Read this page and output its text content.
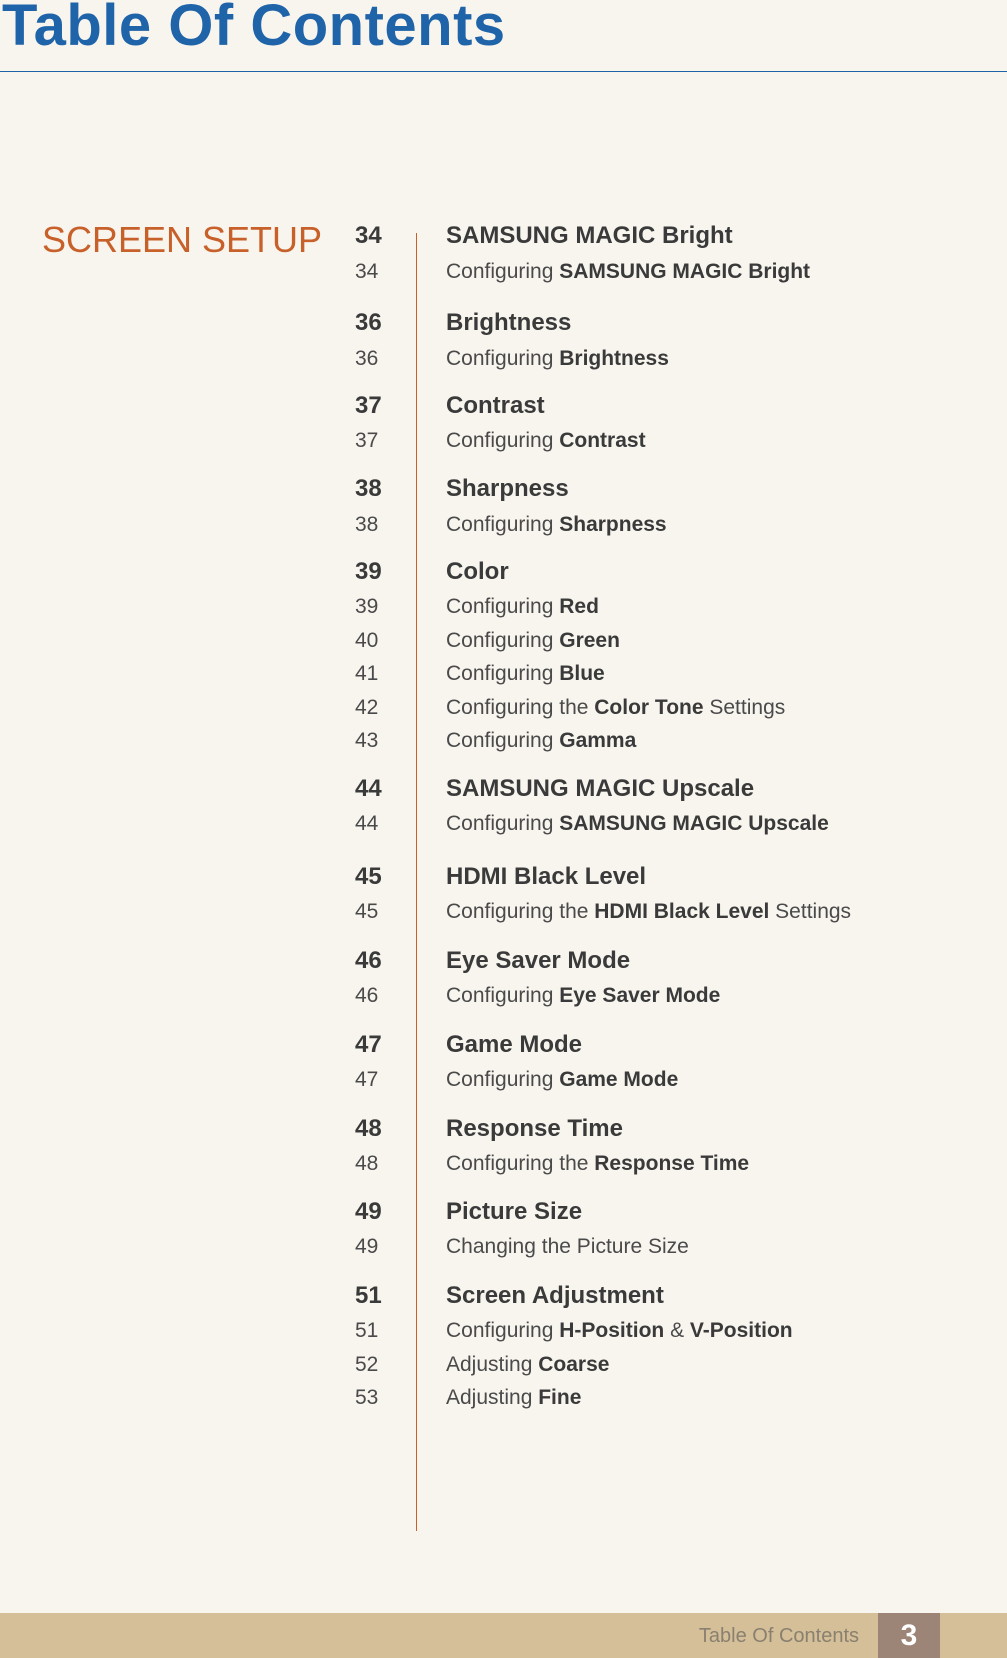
Table Of Contents
SCREEN SETUP 34	SAMSUNG MAGIC Bright
34	Configuring SAMSUNG MAGIC Bright
36	Brightness
36	Configuring Brightness
37	Contrast
37	Configuring Contrast
38	Sharpness
38	Configuring Sharpness
39	Color
39	Configuring Red
40	Configuring Green
41	Configuring Blue
42	Configuring the Color Tone Settings
43	Configuring Gamma
44	SAMSUNG MAGIC Upscale
44	Configuring SAMSUNG MAGIC Upscale
45	HDMI Black Level
45	Configuring the HDMI Black Level Settings
46	Eye Saver Mode
46	Configuring Eye Saver Mode
47	Game Mode
47	Configuring Game Mode
48	Response Time
48	Configuring the Response Time
49	Picture Size
49	Changing the Picture Size
51	Screen Adjustment
51	Configuring H-Position & V-Position
52	Adjusting Coarse
53	Adjusting Fine
Table Of Contents	3
